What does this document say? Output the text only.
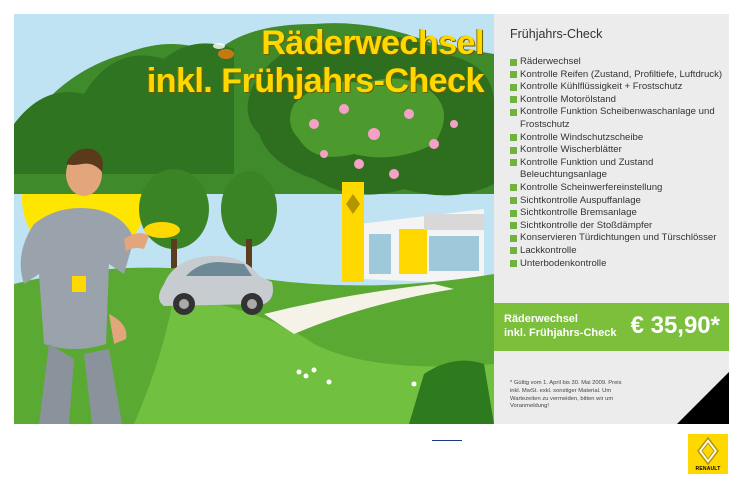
Räderwechsel
inkl. Frühjahrs-Check
Frühjahrs-Check
Räderwechsel
Kontrolle Reifen (Zustand, Profiltiefe, Luftdruck)
Kontrolle Kühlflüssigkeit + Frostschutz
Kontrolle Motorölstand
Kontrolle Funktion Scheibenwaschanlage und Frostschutz
Kontrolle Windschutzscheibe
Kontrolle Wischerblätter
Kontrolle Funktion und Zustand Beleuchtungsanlage
Kontrolle Scheinwerfereinstellung
Sichtkontrolle Auspuffanlage
Sichtkontrolle Bremsanlage
Sichtkontrolle der Stoßdämpfer
Konservieren Türdichtungen und Türschlösser
Lackkontrolle
Unterbodenkontrolle
Räderwechsel
inkl. Frühjahrs-Check € 35,90*
* Gültig vom 1. April bis 30. Mai 2009. Preis inkl. MwSt. exkl. sonstiger Material. Um Wartezeiten zu vermeiden, bitten wir um Voranmeldung!
RENAULT
